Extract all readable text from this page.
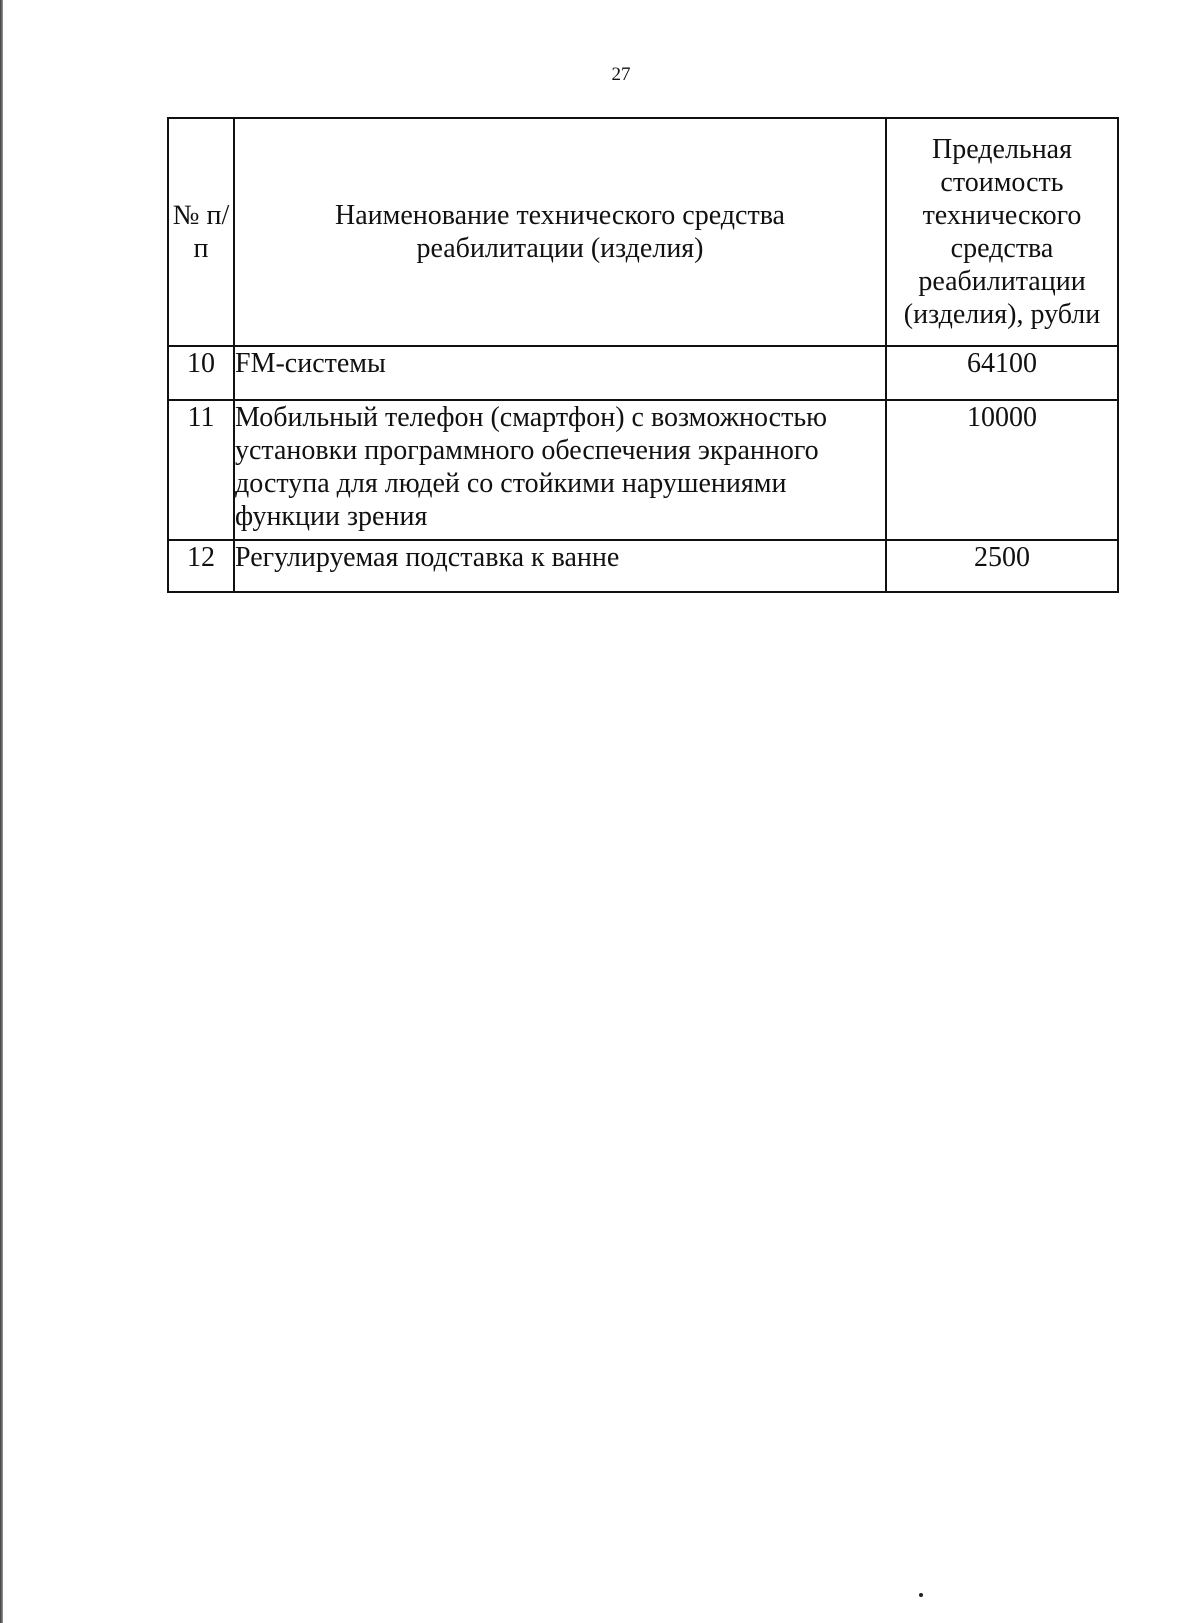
27
№ п/п	Наименование технического средства реабилитации (изделия)	Предельная стоимость технического средства реабилитации (изделия), рубли
10	FM-системы	64100
11	Мобильный телефон (смартфон) с возможностью установки программного обеспечения экранного доступа для людей со стойкими нарушениями функции зрения	10000
12	Регулируемая подставка к ванне	2500
